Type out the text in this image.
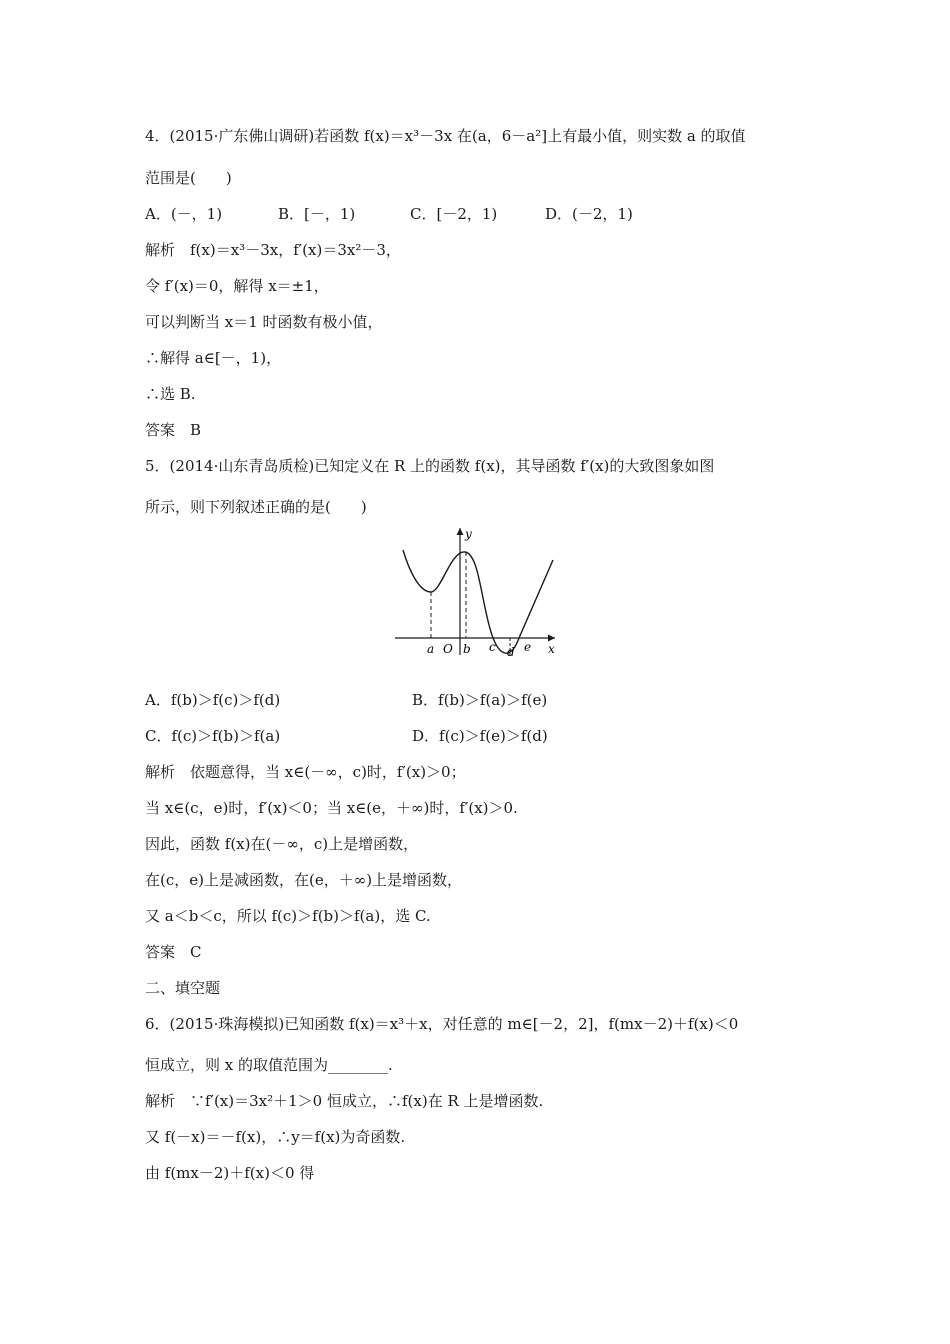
4．(2015·广东佛山调研)若函数 f(x)＝x³－3x 在(a，6－a²]上有最小值，则实数 a 的取值
范围是(　　)
A．(－，1)	B．[－，1)	C．[－2，1)	D．(－2，1)
解析　f(x)＝x³－3x，f′(x)＝3x²－3，
令 f′(x)＝0，解得 x＝±1，
可以判断当 x＝1 时函数有极小值，
∴解得 a∈[－，1)，
∴选 B.
答案　B
5．(2014·山东青岛质检)已知定义在 R 上的函数 f(x)，其导函数 f′(x)的大致图象如图
所示，则下列叙述正确的是(　　)
y
x
O
a b c d e
A．f(b)＞f(c)＞f(d)	B．f(b)＞f(a)＞f(e)
C．f(c)＞f(b)＞f(a)	D．f(c)＞f(e)＞f(d)
解析　依题意得，当 x∈(－∞，c)时，f′(x)＞0；
当 x∈(c，e)时，f′(x)＜0；当 x∈(e，＋∞)时，f′(x)＞0.
因此，函数 f(x)在(－∞，c)上是增函数，
在(c，e)上是减函数，在(e，＋∞)上是增函数，
又 a＜b＜c，所以 f(c)＞f(b)＞f(a)，选 C.
答案　C
二、填空题
6．(2015·珠海模拟)已知函数 f(x)＝x³＋x，对任意的 m∈[－2，2]，f(mx－2)＋f(x)＜0
恒成立，则 x 的取值范围为________.
解析　∵f′(x)＝3x²＋1＞0 恒成立，∴f(x)在 R 上是增函数.
又 f(－x)＝－f(x)，∴y＝f(x)为奇函数.
由 f(mx－2)＋f(x)＜0 得
